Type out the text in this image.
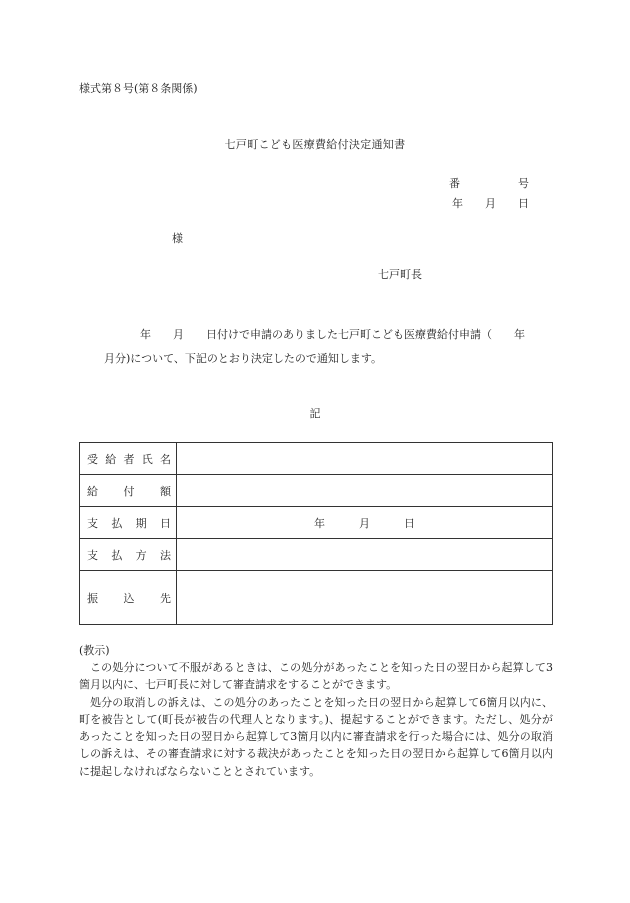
様式第８号(第８条関係)
七戸町こども医療費給付決定通知書
番	号
年 月 日
様
七戸町長
年 月 日付けで申請のありました七戸町こども医療費給付申請（ 年
月分)について、下記のとおり決定したので通知します。
記
受給者氏名	
給付額	
支払期日	年 月 日
支払方法	
振込先	
(教示)

この処分について不服があるときは、この処分があったことを知った日の翌日から起算して3箇月以内に、七戸町長に対して審査請求をすることができます。

処分の取消しの訴えは、この処分のあったことを知った日の翌日から起算して6箇月以内に、町を被告として(町長が被告の代理人となります。)、提起することができます。ただし、処分があったことを知った日の翌日から起算して3箇月以内に審査請求を行った場合には、処分の取消しの訴えは、その審査請求に対する裁決があったことを知った日の翌日から起算して6箇月以内に提起しなければならないこととされています。
